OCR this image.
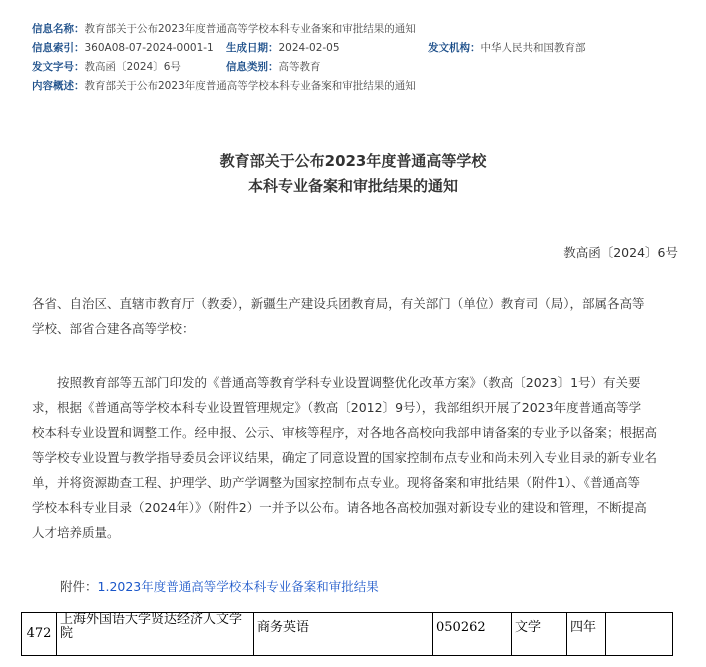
信息名称：教育部关于公布2023年度普通高等学校本科专业备案和审批结果的通知
信息索引：360A08-07-2024-0001-1 生成日期：2024-02-05	发文机构：中华人民共和国教育部
发文字号：教高函〔2024〕6号	信息类别：高等教育
内容概述：教育部关于公布2023年度普通高等学校本科专业备案和审批结果的通知
教育部关于公布2023年度普通高等学校
本科专业备案和审批结果的通知
教高函〔2024〕6号
各省、自治区、直辖市教育厅（教委），新疆生产建设兵团教育局，有关部门（单位）教育司（局），部属各高等
学校、部省合建各高等学校：
按照教育部等五部门印发的《普通高等教育学科专业设置调整优化改革方案》（教高〔2023〕1号）有关要
求，根据《普通高等学校本科专业设置管理规定》（教高〔2012〕9号），我部组织开展了2023年度普通高等学
校本科专业设置和调整工作。经申报、公示、审核等程序，对各地各高校向我部申请备案的专业予以备案；根据高
等学校专业设置与教学指导委员会评议结果，确定了同意设置的国家控制布点专业和尚未列入专业目录的新专业名
单，并将资源勘查工程、护理学、助产学调整为国家控制布点专业。现将备案和审批结果（附件1）、《普通高等
学校本科专业目录（2024年）》（附件2）一并予以公布。请各地各高校加强对新设专业的建设和管理，不断提高
人才培养质量。
附件：1.2023年度普通高等学校本科专业备案和审批结果
472	上海外国语大学贤达经济人文学院	商务英语	050262	文学	四年	
